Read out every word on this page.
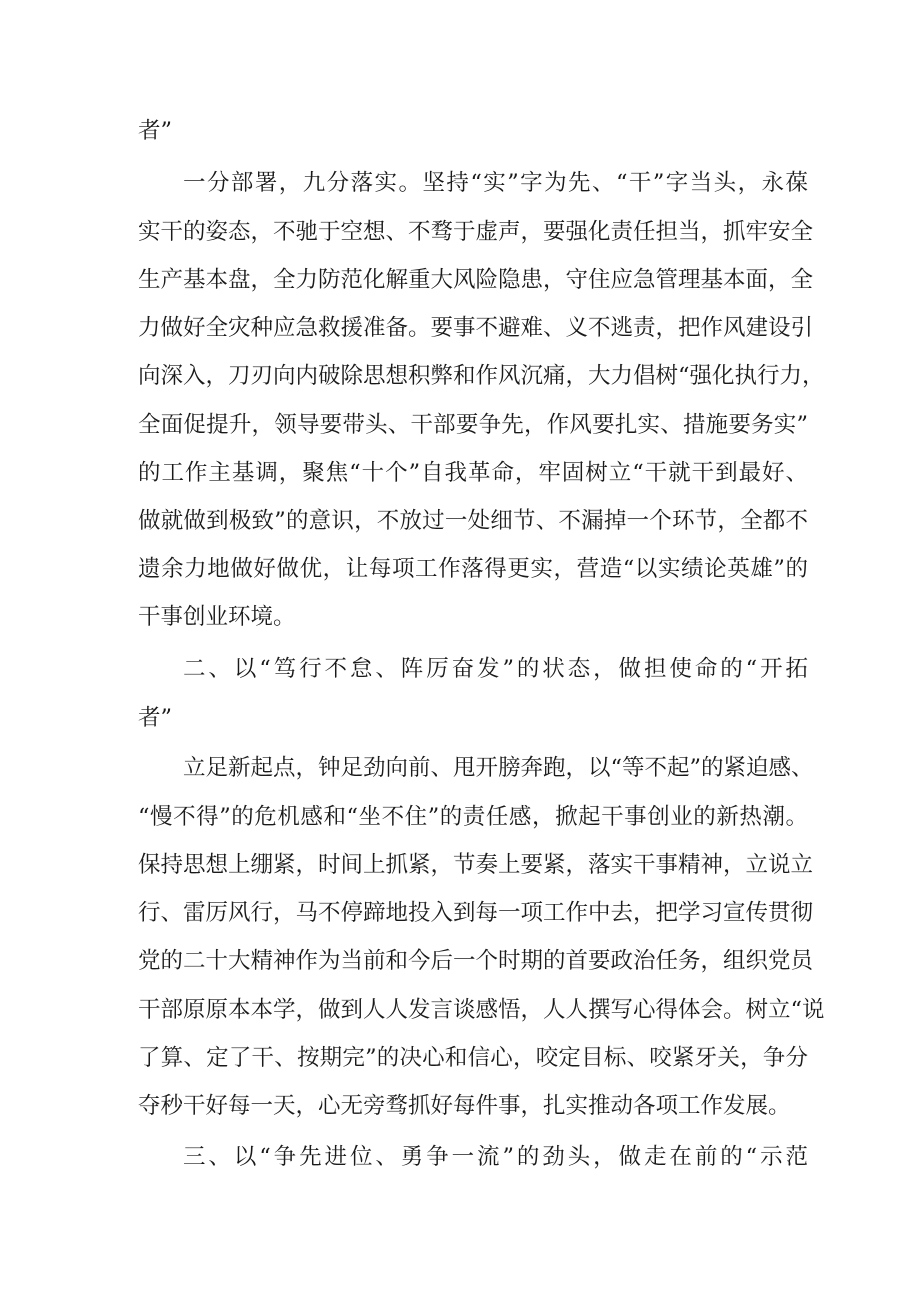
者”
一分部署，九分落实。坚持“实”字为先、“干”字当头，永葆
实干的姿态，不驰于空想、不骛于虚声，要强化责任担当，抓牢安全
生产基本盘，全力防范化解重大风险隐患，守住应急管理基本面，全
力做好全灾种应急救援准备。要事不避难、义不逃责，把作风建设引
向深入，刀刃向内破除思想积弊和作风沉痛，大力倡树“强化执行力，
全面促提升，领导要带头、干部要争先，作风要扎实、措施要务实”
的工作主基调，聚焦“十个”自我革命，牢固树立“干就干到最好、
做就做到极致”的意识，不放过一处细节、不漏掉一个环节，全都不
遗余力地做好做优，让每项工作落得更实，营造“以实绩论英雄”的
干事创业环境。
二、以“笃行不怠、阵厉奋发”的状态，做担使命的“开拓
者”
立足新起点，钟足劲向前、甩开膀奔跑，以“等不起”的紧迫感、
“慢不得”的危机感和“坐不住”的责任感，掀起干事创业的新热潮。
保持思想上绷紧，时间上抓紧，节奏上要紧，落实干事精神，立说立
行、雷厉风行，马不停蹄地投入到每一项工作中去，把学习宣传贯彻
党的二十大精神作为当前和今后一个时期的首要政治任务，组织党员
干部原原本本学，做到人人发言谈感悟，人人撰写心得体会。树立“说
了算、定了干、按期完”的决心和信心，咬定目标、咬紧牙关，争分
夺秒干好每一天，心无旁骛抓好每件事，扎实推动各项工作发展。
三、以“争先进位、勇争一流”的劲头，做走在前的“示范
